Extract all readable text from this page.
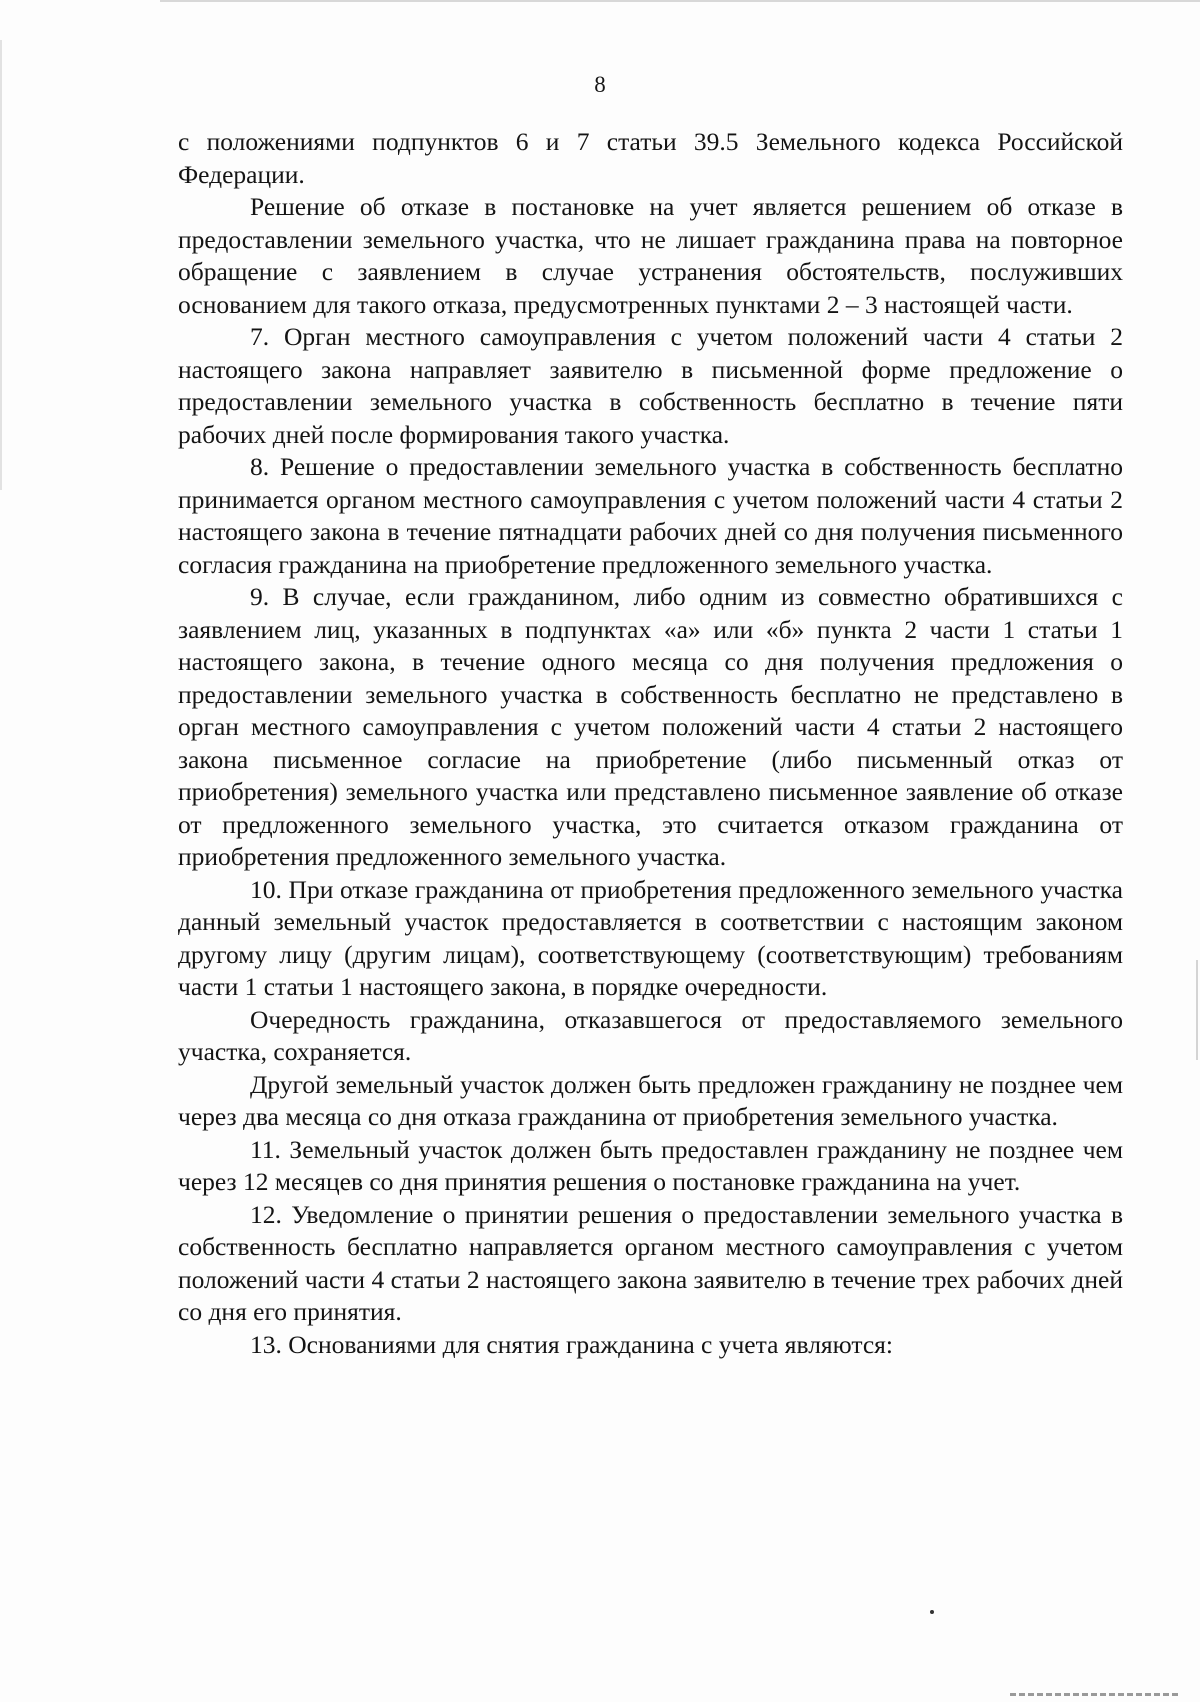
8

с положениями подпунктов 6 и 7 статьи 39.5 Земельного кодекса Российской Федерации.

Решение об отказе в постановке на учет является решением об отказе в предоставлении земельного участка, что не лишает гражданина права на повторное обращение с заявлением в случае устранения обстоятельств, послуживших основанием для такого отказа, предусмотренных пунктами 2 – 3 настоящей части.

7. Орган местного самоуправления с учетом положений части 4 статьи 2 настоящего закона направляет заявителю в письменной форме предложение о предоставлении земельного участка в собственность бесплатно в течение пяти рабочих дней после формирования такого участка.

8. Решение о предоставлении земельного участка в собственность бесплатно принимается органом местного самоуправления с учетом положений части 4 статьи 2 настоящего закона в течение пятнадцати рабочих дней со дня получения письменного согласия гражданина на приобретение предложенного земельного участка.

9. В случае, если гражданином, либо одним из совместно обратившихся с заявлением лиц, указанных в подпунктах «а» или «б» пункта 2 части 1 статьи 1 настоящего закона, в течение одного месяца со дня получения предложения о предоставлении земельного участка в собственность бесплатно не представлено в орган местного самоуправления с учетом положений части 4 статьи 2 настоящего закона письменное согласие на приобретение (либо письменный отказ от приобретения) земельного участка или представлено письменное заявление об отказе от предложенного земельного участка, это считается отказом гражданина от приобретения предложенного земельного участка.

10. При отказе гражданина от приобретения предложенного земельного участка данный земельный участок предоставляется в соответствии с настоящим законом другому лицу (другим лицам), соответствующему (соответствующим) требованиям части 1 статьи 1 настоящего закона, в порядке очередности.

Очередность гражданина, отказавшегося от предоставляемого земельного участка, сохраняется.

Другой земельный участок должен быть предложен гражданину не позднее чем через два месяца со дня отказа гражданина от приобретения земельного участка.

11. Земельный участок должен быть предоставлен гражданину не позднее чем через 12 месяцев со дня принятия решения о постановке гражданина на учет.

12. Уведомление о принятии решения о предоставлении земельного участка в собственность бесплатно направляется органом местного самоуправления с учетом положений части 4 статьи 2 настоящего закона заявителю в течение трех рабочих дней со дня его принятия.

13. Основаниями для снятия гражданина с учета являются:
